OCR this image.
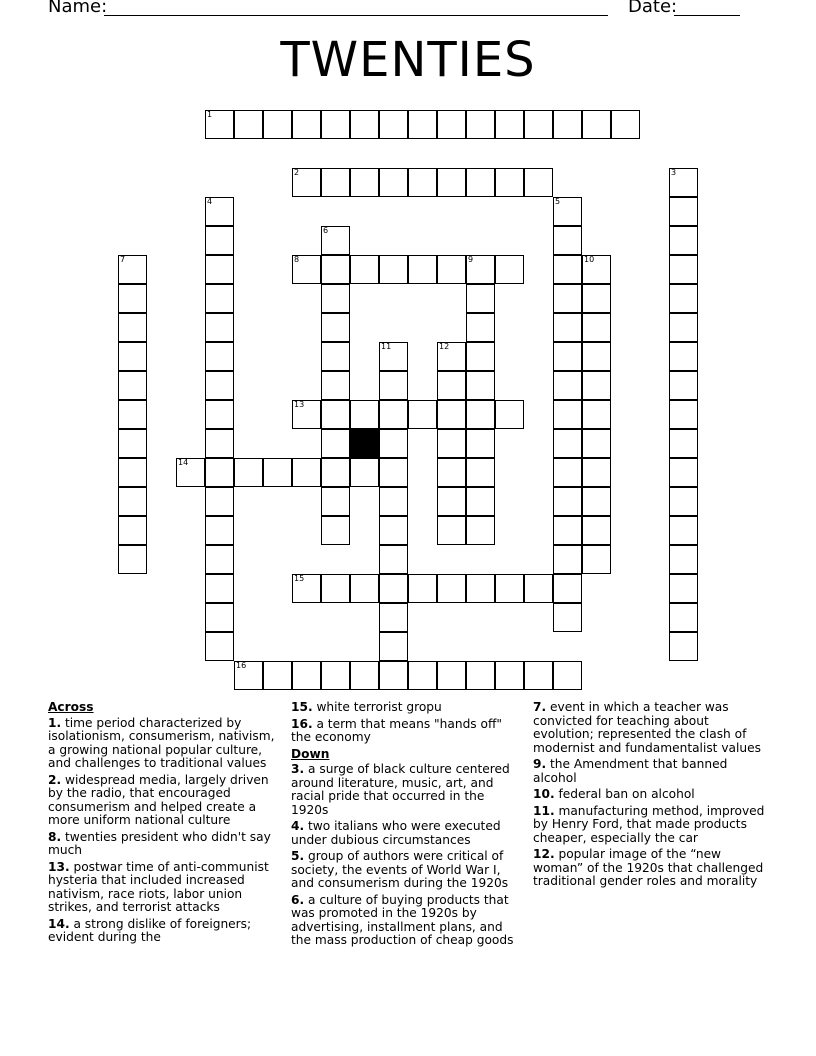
Name:	Date:
TWENTIES
1
2	3
4	5
6
7	8	9	10
11	12
13
14
15
16
Across
1. time period characterized by isolationism, consumerism, nativism, a growing national popular culture, and challenges to traditional values
2. widespread media, largely driven by the radio, that encouraged consumerism and helped create a more uniform national culture
8. twenties president who didn't say much
13. postwar time of anti-communist hysteria that included increased nativism, race riots, labor union strikes, and terrorist attacks
14. a strong dislike of foreigners; evident during the
15. white terrorist gropu
16. a term that means "hands off" the economy
Down
3. a surge of black culture centered around literature, music, art, and racial pride that occurred in the 1920s
4. two italians who were executed under dubious circumstances
5. group of authors were critical of society, the events of World War I, and consumerism during the 1920s
6. a culture of buying products that was promoted in the 1920s by advertising, installment plans, and the mass production of cheap goods
7. event in which a teacher was convicted for teaching about evolution; represented the clash of modernist and fundamentalist values
9. the Amendment that banned alcohol
10. federal ban on alcohol
11. manufacturing method, improved by Henry Ford, that made products cheaper, especially the car
12. popular image of the “new woman” of the 1920s that challenged traditional gender roles and morality
